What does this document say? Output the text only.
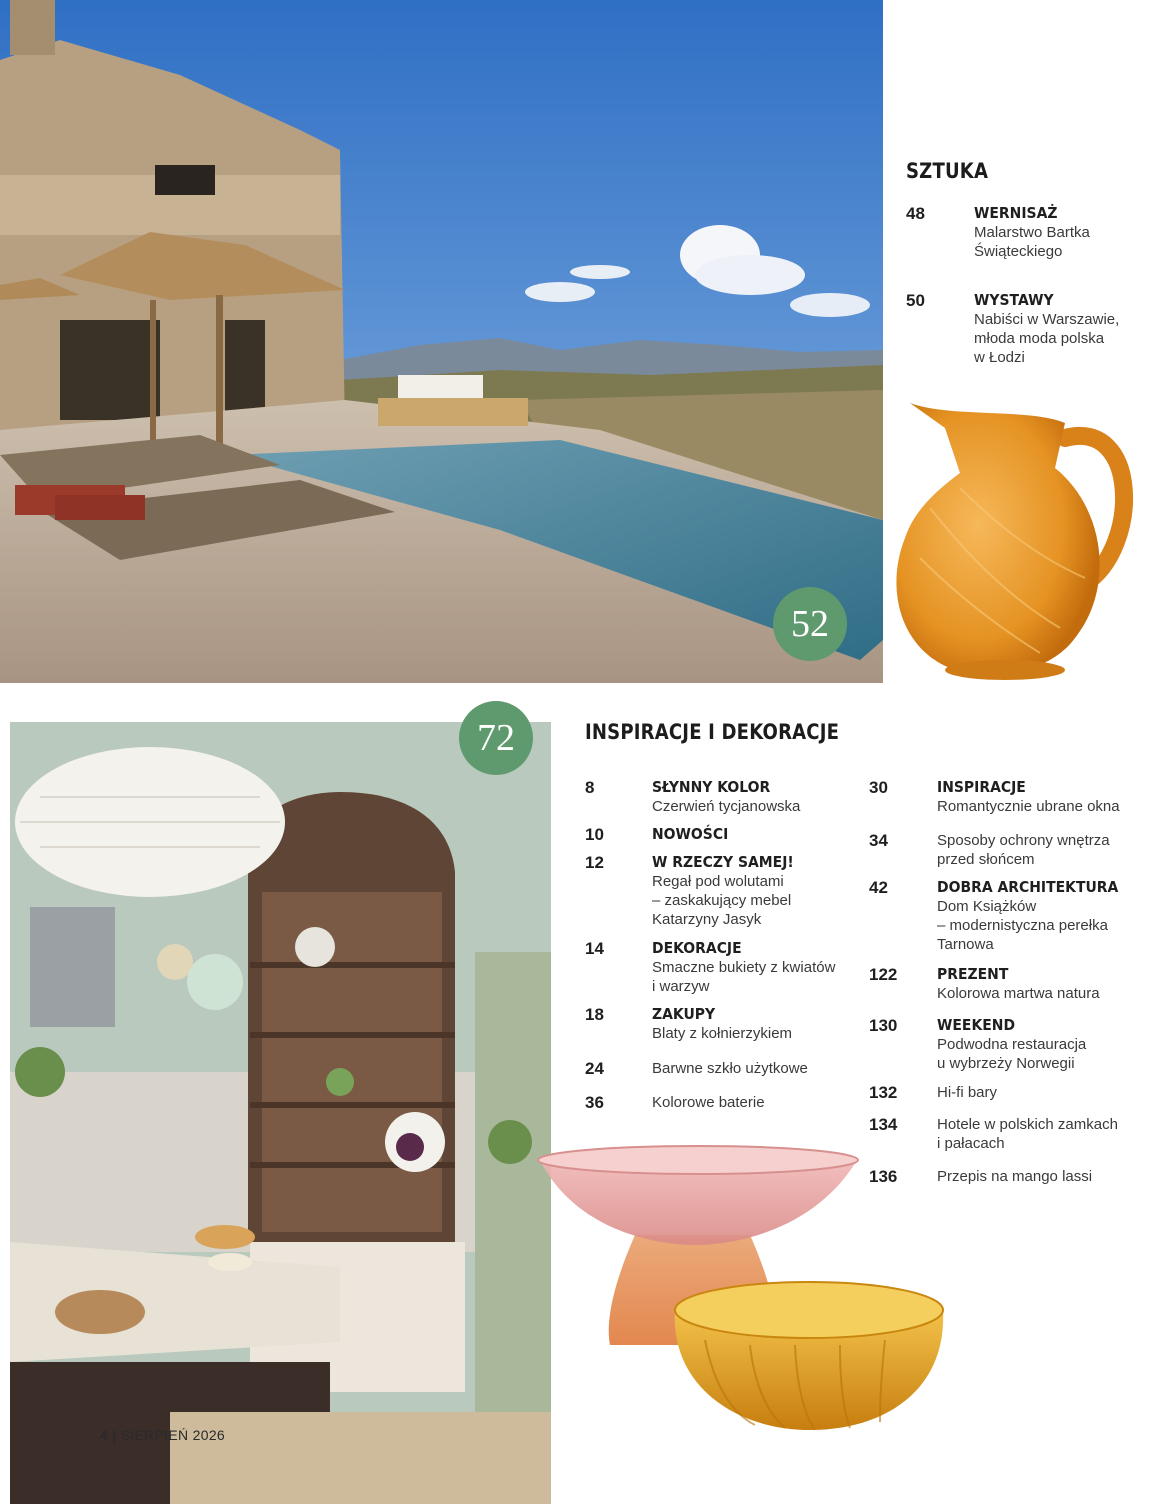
52
SZTUKA
48	WERNISAŻ
Malarstwo Bartka
Świąteckiego
50	WYSTAWY
Nabiści w Warszawie,
młoda moda polska
w Łodzi
72
4 | SIERPIEŃ 2026
INSPIRACJE I DEKORACJE
8	SŁYNNY KOLOR
Czerwień tycjanowska
10	NOWOŚCI
12	W RZECZY SAMEJ!
Regał pod wolutami
– zaskakujący mebel
Katarzyny Jasyk
14	DEKORACJE
Smaczne bukiety z kwiatów
i warzyw
18	ZAKUPY
Blaty z kołnierzykiem
24	Barwne szkło użytkowe
36	Kolorowe baterie
30	INSPIRACJE
Romantycznie ubrane okna
34	Sposoby ochrony wnętrza
przed słońcem
42	DOBRA ARCHITEKTURA
Dom Książków
– modernistyczna perełka
Tarnowa
122	PREZENT
Kolorowa martwa natura
130	WEEKEND
Podwodna restauracja
u wybrzeży Norwegii
132	Hi-fi bary
134	Hotele w polskich zamkach
i pałacach
136	Przepis na mango lassi
